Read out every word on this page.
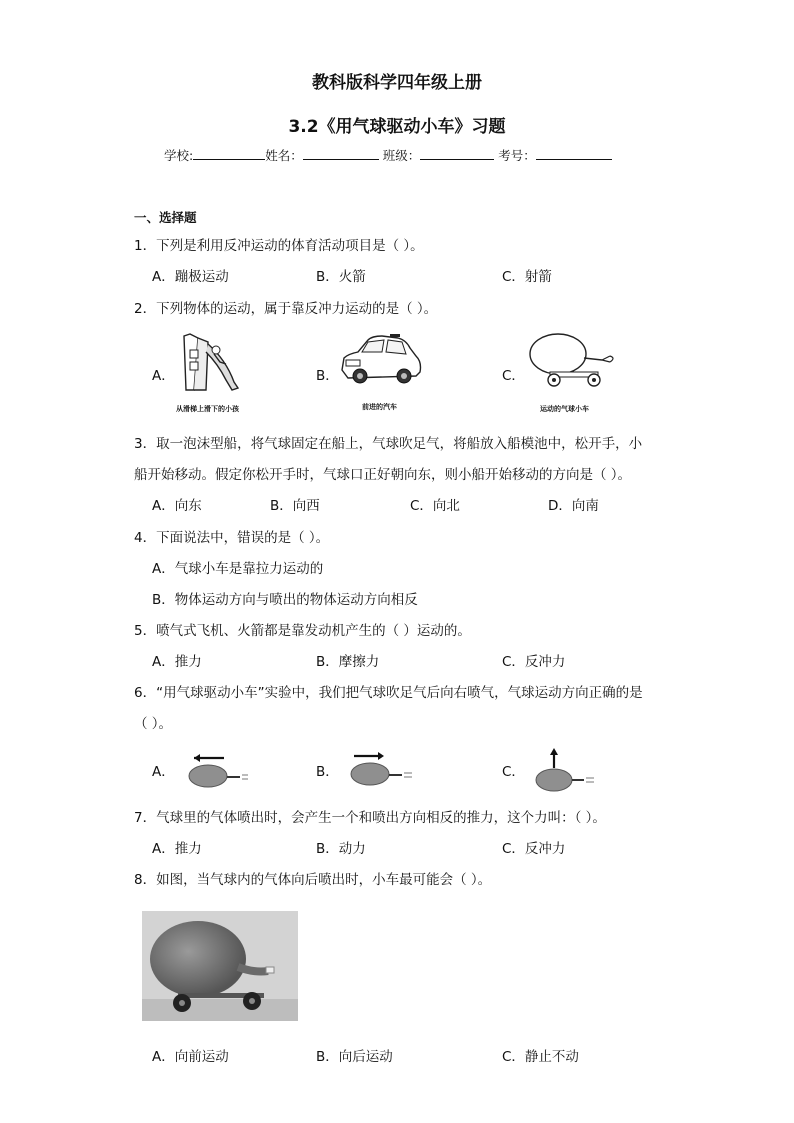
教科版科学四年级上册
3.2《用气球驱动小车》习题
学校:	姓名：	班级：	考号：
一、选择题
1．下列是利用反冲运动的体育活动项目是（ ）。
A．蹦极运动	B．火箭	C．射箭
2．下列物体的运动，属于靠反冲力运动的是（ ）。
A．	B．	C．
从滑梯上滑下的小孩	前进的汽车	运动的气球小车
3．取一泡沫型船，将气球固定在船上，气球吹足气，将船放入船模池中，松开手，小
船开始移动。假定你松开手时，气球口正好朝向东，则小船开始移动的方向是（ ）。
A．向东	B．向西	C．向北	D．向南
4．下面说法中，错误的是（ ）。
A．气球小车是靠拉力运动的
B．物体运动方向与喷出的物体运动方向相反
5．喷气式飞机、火箭都是靠发动机产生的（ ）运动的。
A．推力	B．摩擦力	C．反冲力
6．“用气球驱动小车”实验中，我们把气球吹足气后向右喷气，气球运动方向正确的是
（ ）。
A．	B．	C．
7．气球里的气体喷出时，会产生一个和喷出方向相反的推力，这个力叫：（ ）。
A．推力	B．动力	C．反冲力
8．如图，当气球内的气体向后喷出时，小车最可能会（ ）。
A．向前运动	B．向后运动	C．静止不动
